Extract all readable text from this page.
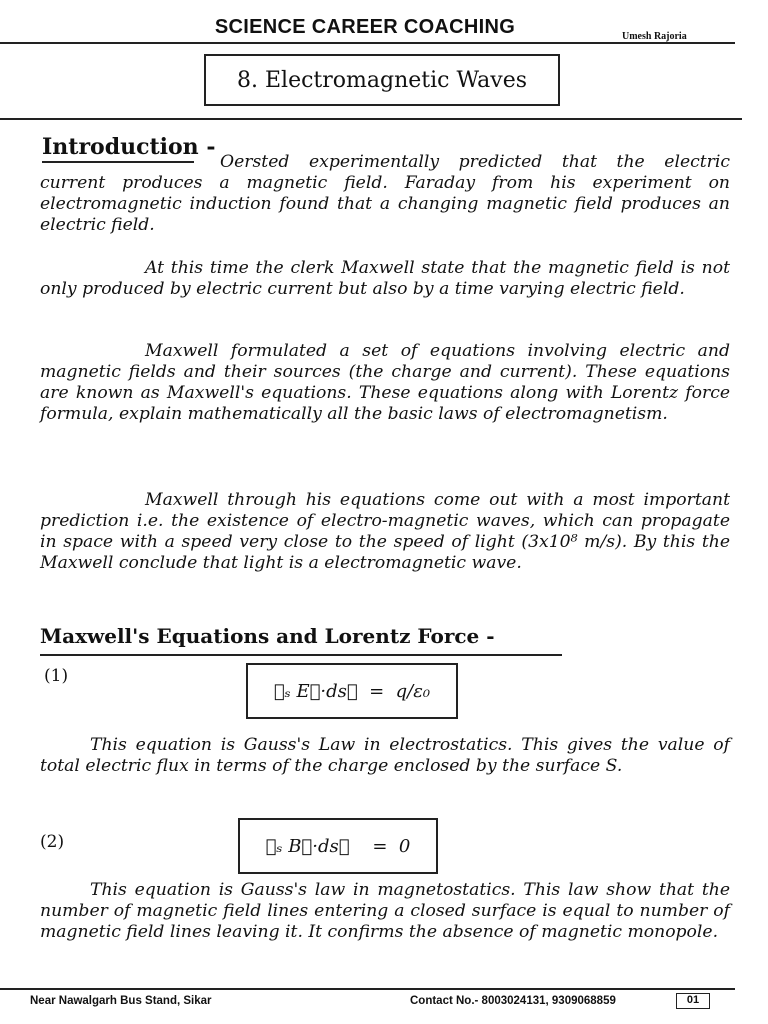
SCIENCE CAREER COACHING	Umesh Rajoria
8. Electromagnetic Waves
Introduction -

Oersted experimentally predicted that the electric current produces a magnetic field. Faraday from his experiment on electromagnetic induction found that a changing magnetic field produces an electric field.

At this time the clerk Maxwell state that the magnetic field is not only produced by electric current but also by a time varying electric field.

Maxwell formulated a set of equations involving electric and magnetic fields and their sources (the charge and current). These equations are known as Maxwell's equations. These equations along with Lorentz force formula, explain mathematically all the basic laws of electromagnetism.

Maxwell through his equations come out with a most important prediction i.e. the existence of electro-magnetic waves, which can propagate in space with a speed very close to the speed of light (3x10⁸ m/s). By this the Maxwell conclude that light is a electromagnetic wave.

Maxwell's Equations and Lorentz Force -
(1)
∮ₛ E⃗·ds⃗  =  q/ε₀

This equation is Gauss's Law in electrostatics. This gives the value of total electric flux in terms of the charge enclosed by the surface S.

(2)	∮ₛ B⃗·ds⃗    =  0

This equation is Gauss's law in magnetostatics. This law show that the number of magnetic field lines entering a closed surface is equal to number of magnetic field lines leaving it. It confirms the absence of magnetic monopole.

Near Nawalgarh Bus Stand, Sikar	Contact No.- 8003024131, 9309068859	01
